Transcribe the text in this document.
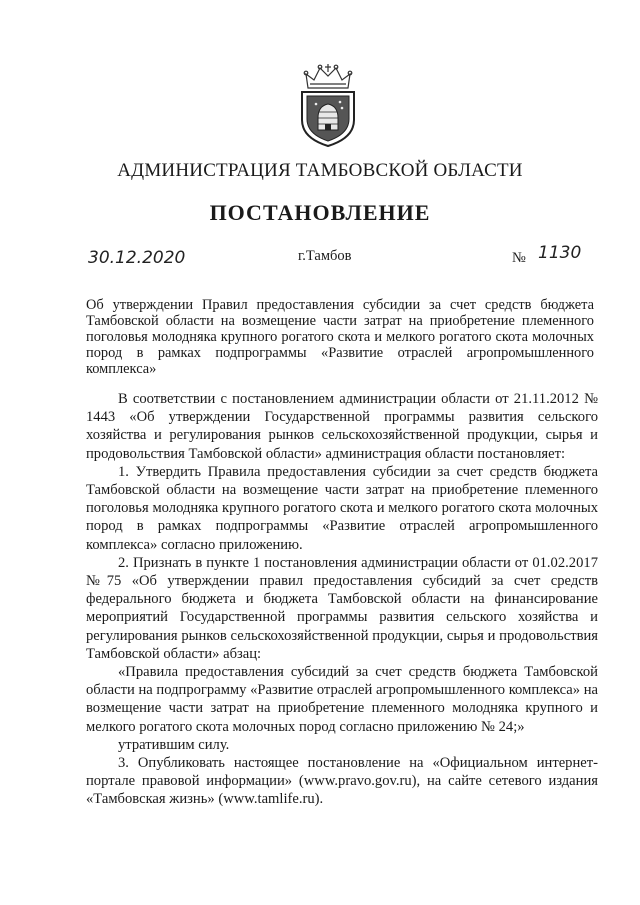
АДМИНИСТРАЦИЯ ТАМБОВСКОЙ ОБЛАСТИ
ПОСТАНОВЛЕНИЕ
30.12.2020	г.Тамбов	№ 1130

Об утверждении Правил предоставления субсидии за счет средств бюджета Тамбовской области на возмещение части затрат на приобретение племенного поголовья молодняка крупного рогатого скота и мелкого рогатого скота молочных пород в рамках подпрограммы «Развитие отраслей агропромышленного комплекса»

В соответствии с постановлением администрации области от 21.11.2012 № 1443 «Об утверждении Государственной программы развития сельского хозяйства и регулирования рынков сельскохозяйственной продукции, сырья и продовольствия Тамбовской области» администрация области постановляет:

1. Утвердить Правила предоставления субсидии за счет средств бюджета Тамбовской области на возмещение части затрат на приобретение племенного поголовья молодняка крупного рогатого скота и мелкого рогатого скота молочных пород в рамках подпрограммы «Развитие отраслей агропромышленного комплекса» согласно приложению.

2. Признать в пункте 1 постановления администрации области от 01.02.2017 №75 «Об утверждении правил предоставления субсидий за счет средств федерального бюджета и бюджета Тамбовской области на финансирование мероприятий Государственной программы развития сельского хозяйства и регулирования рынков сельскохозяйственной продукции, сырья и продовольствия Тамбовской области» абзац:

«Правила предоставления субсидий за счет средств бюджета Тамбовской области на подпрограмму «Развитие отраслей агропромышленного комплекса» на возмещение части затрат на приобретение племенного молодняка крупного и мелкого рогатого скота молочных пород согласно приложению № 24;»

утратившим силу.

3. Опубликовать настоящее постановление на «Официальном интернет-портале правовой информации» (www.pravo.gov.ru), на сайте сетевого издания «Тамбовская жизнь» (www.tamlife.ru).
